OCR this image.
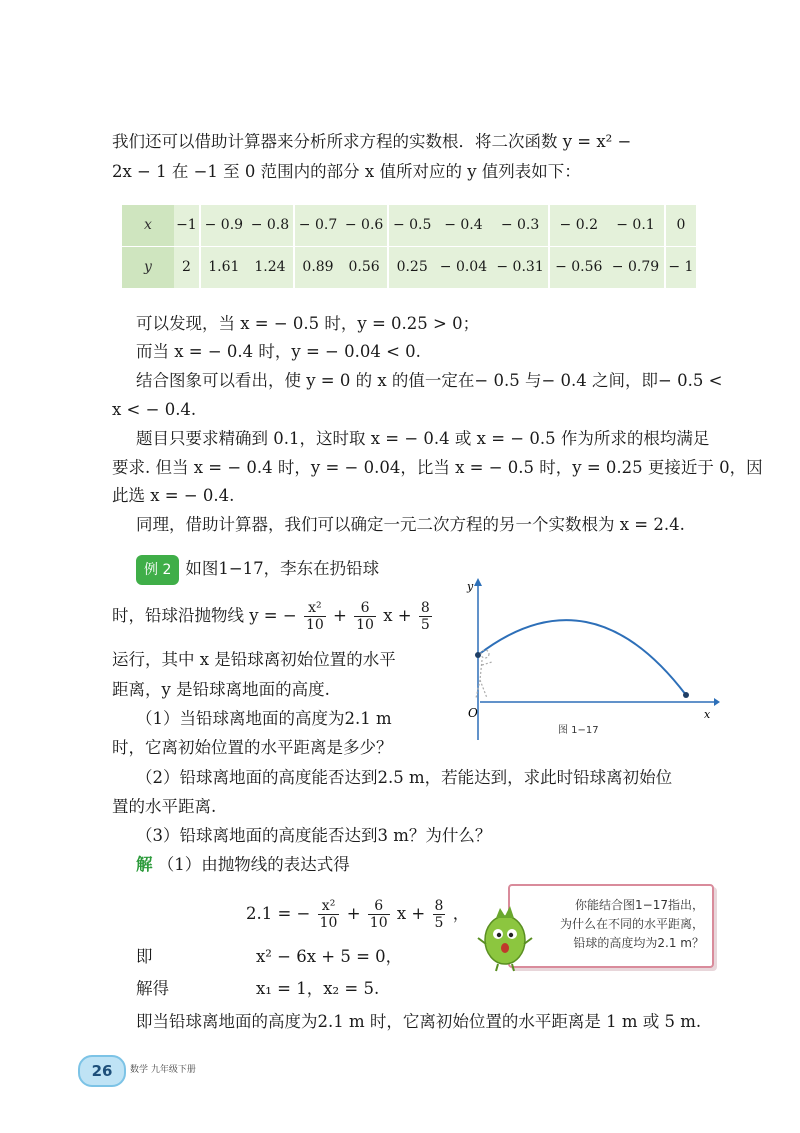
我们还可以借助计算器来分析所求方程的实数根．将二次函数 y = x² −
2x − 1 在 −1 至 0 范围内的部分 x 值所对应的 y 值列表如下：
x	−1	− 0.9	− 0.8	− 0.7	− 0.6	− 0.5	− 0.4	− 0.3	− 0.2	− 0.1	0
y	2	1.61	1.24	0.89	0.56	0.25	− 0.04	− 0.31	− 0.56	− 0.79	− 1
可以发现，当 x = − 0.5 时，y = 0.25 > 0；
而当 x = − 0.4 时，y = − 0.04 < 0.
结合图象可以看出，使 y = 0 的 x 的值一定在− 0.5 与− 0.4 之间，即− 0.5 <
x < − 0.4.
题目只要求精确到 0.1，这时取 x = − 0.4 或 x = − 0.5 作为所求的根均满足
要求. 但当 x = − 0.4 时，y = − 0.04，比当 x = − 0.5 时，y = 0.25 更接近于 0，因
此选 x = − 0.4.
同理，借助计算器，我们可以确定一元二次方程的另一个实数根为 x = 2.4.
例 2 如图1−17，李东在扔铅球
时，铅球沿抛物线 y = − $\frac{\text{x²}}{10} + \frac{6}{10}$ $x + \frac{8}{5}$
运行，其中 x 是铅球离初始位置的水平
距离，y 是铅球离地面的高度.
（1）当铅球离地面的高度为2.1 m
时，它离初始位置的水平距离是多少？
（2）铅球离地面的高度能否达到2.5 m，若能达到，求此时铅球离初始位
置的水平距离.
（3）铅球离地面的高度能否达到3 m？为什么？
y
x
O
图 1−17
解 （1）由抛物线的表达式得
2.1 = − $\frac{\text{x²}}{10} + \frac{6}{10}$ $x + \frac{8}{5}$ ，
即	x² − 6x + 5 = 0，
解得	x₁ = 1，x₂ = 5.
即当铅球离地面的高度为2.1 m 时，它离初始位置的水平距离是 1 m 或 5 m.
你能结合图1−17指出，
为什么在不同的水平距离，
铅球的高度均为2.1 m？
26 数学 九年级下册
